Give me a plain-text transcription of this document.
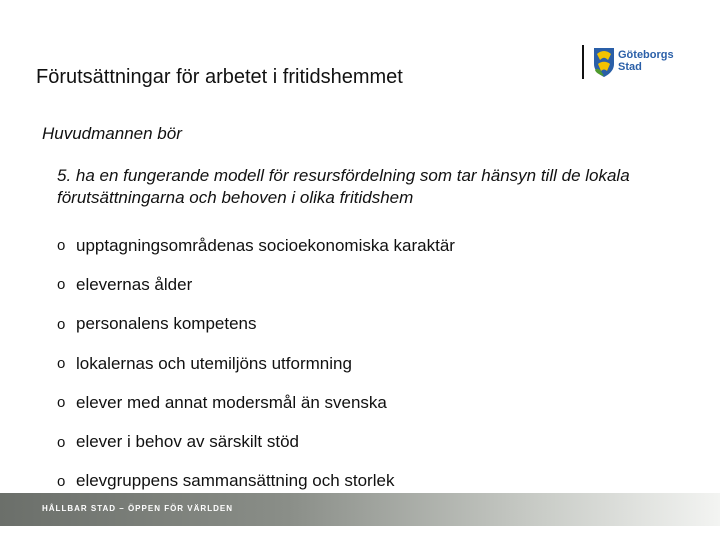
Förutsättningar för arbetet i fritidshemmet
Göteborgs
Stad
Huvudmannen bör
5. ha en fungerande modell för resursfördelning som tar hänsyn till de lokala förutsättningarna och behoven i olika fritidshem
o upptagningsområdenas socioekonomiska karaktär
o elevernas ålder
o personalens kompetens
o lokalernas och utemiljöns utformning
o elever med annat modersmål än svenska
o elever i behov av särskilt stöd
o elevgruppens sammansättning och storlek
HÅLLBAR STAD – ÖPPEN FÖR VÄRLDEN
